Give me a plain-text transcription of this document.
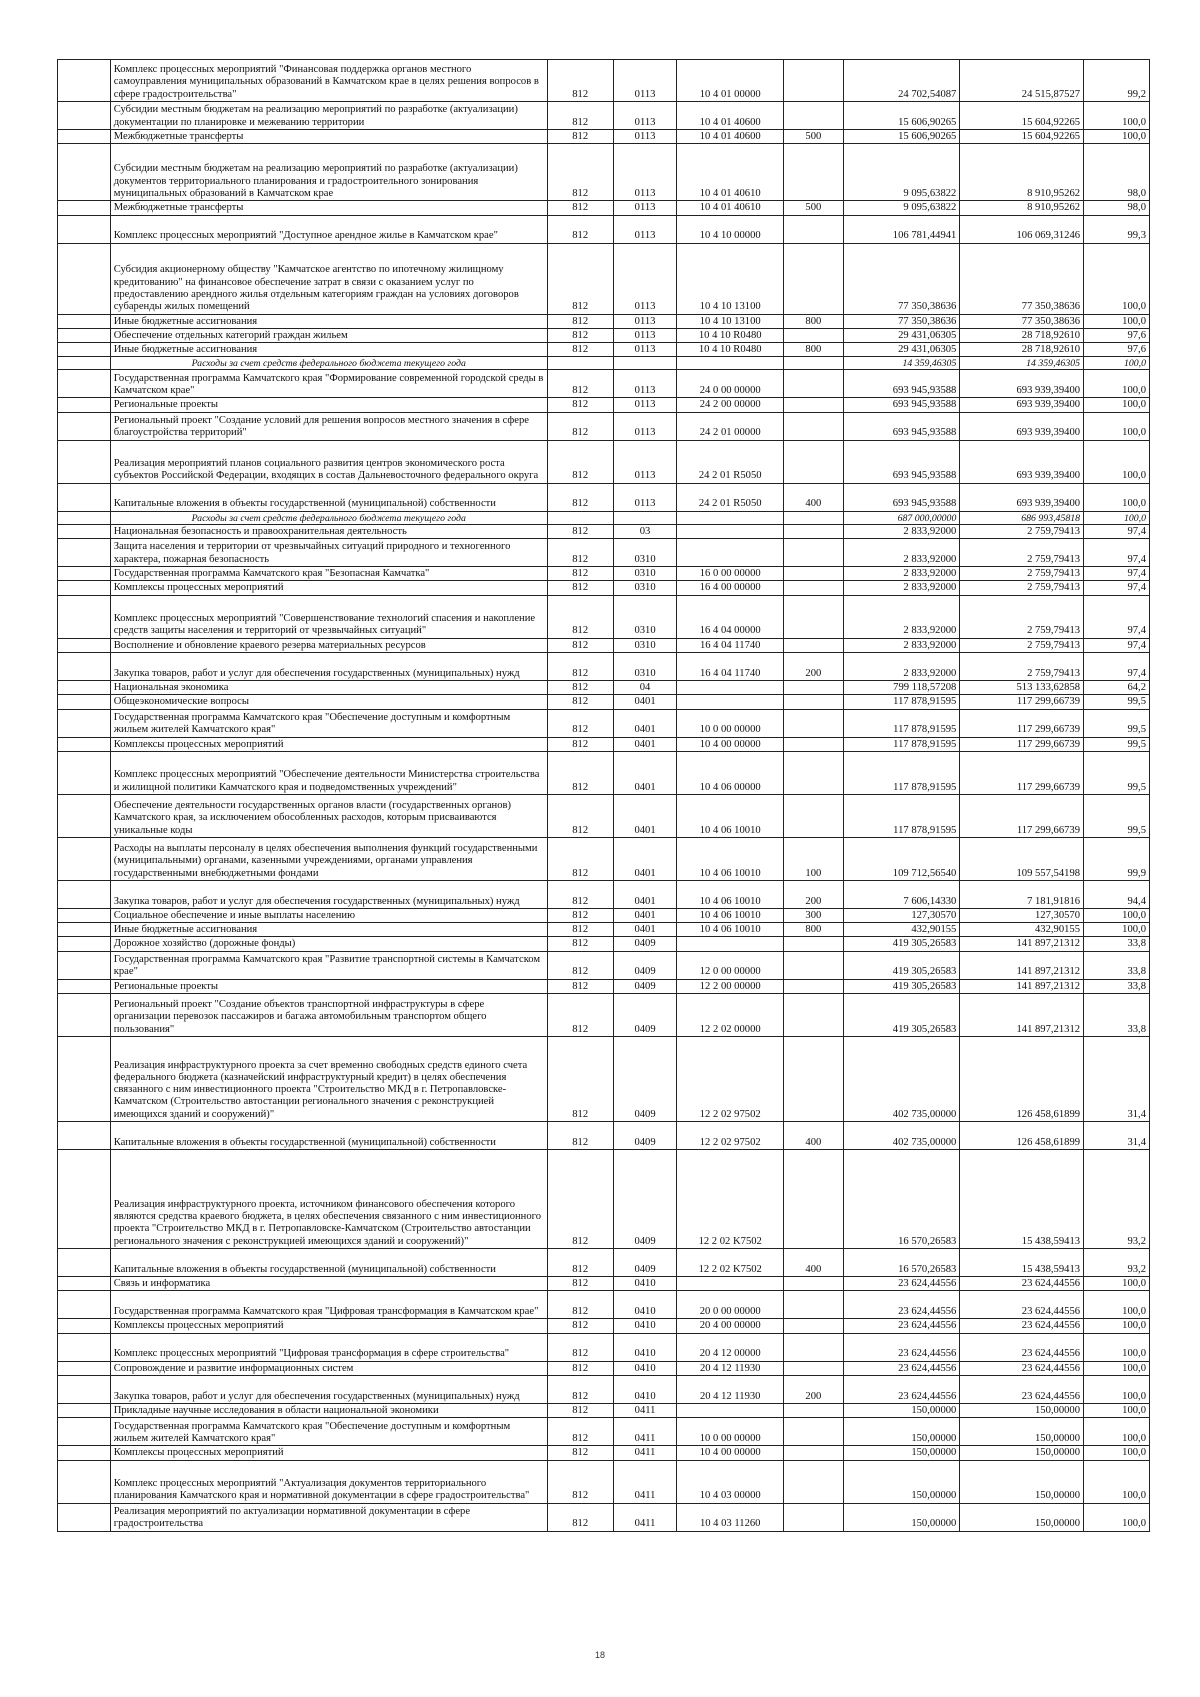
	Комплекс процессных мероприятий "Финансовая поддержка органов местного самоуправления муниципальных образований в Камчатском крае в целях решения вопросов в сфере градостроительства"	812	0113	10 4 01 00000		24 702,54087	24 515,87527	99,2
	Субсидии местным бюджетам на реализацию мероприятий по разработке (актуализации) документации по планировке и межеванию территории	812	0113	10 4 01 40600		15 606,90265	15 604,92265	100,0
	Межбюджетные трансферты	812	0113	10 4 01 40600	500	15 606,90265	15 604,92265	100,0
	Субсидии местным бюджетам на реализацию мероприятий по разработке (актуализации) документов территориального планирования и градостроительного зонирования муниципальных образований в Камчатском крае	812	0113	10 4 01 40610		9 095,63822	8 910,95262	98,0
	Межбюджетные трансферты	812	0113	10 4 01 40610	500	9 095,63822	8 910,95262	98,0
	Комплекс процессных мероприятий "Доступное арендное жилье в Камчатском крае"	812	0113	10 4 10 00000		106 781,44941	106 069,31246	99,3
	Субсидия акционерному обществу "Камчатское агентство по ипотечному жилищному кредитованию" на финансовое обеспечение затрат в связи с оказанием услуг по предоставлению арендного жилья отдельным категориям граждан на условиях договоров субаренды жилых помещений	812	0113	10 4 10 13100		77 350,38636	77 350,38636	100,0
	Иные бюджетные ассигнования	812	0113	10 4 10 13100	800	77 350,38636	77 350,38636	100,0
	Обеспечение отдельных категорий граждан жильем	812	0113	10 4 10 R0480		29 431,06305	28 718,92610	97,6
	Иные бюджетные ассигнования	812	0113	10 4 10 R0480	800	29 431,06305	28 718,92610	97,6
	Расходы за счет средств федерального бюджета текущего года					14 359,46305	14 359,46305	100,0
	Государственная программа Камчатского края "Формирование современной городской среды в Камчатском крае"	812	0113	24 0 00 00000		693 945,93588	693 939,39400	100,0
	Региональные проекты	812	0113	24 2 00 00000		693 945,93588	693 939,39400	100,0
	Региональный проект "Создание условий для решения вопросов местного значения в сфере благоустройства территорий"	812	0113	24 2 01 00000		693 945,93588	693 939,39400	100,0
	Реализация мероприятий планов социального развития центров экономического роста субъектов Российской Федерации, входящих в состав Дальневосточного федерального округа	812	0113	24 2 01 R5050		693 945,93588	693 939,39400	100,0
	Капитальные вложения в объекты государственной (муниципальной) собственности	812	0113	24 2 01 R5050	400	693 945,93588	693 939,39400	100,0
	Расходы за счет средств федерального бюджета текущего года					687 000,00000	686 993,45818	100,0
	Национальная безопасность и правоохранительная деятельность	812	03			2 833,92000	2 759,79413	97,4
	Защита населения и территории от чрезвычайных ситуаций природного и техногенного характера, пожарная безопасность	812	0310			2 833,92000	2 759,79413	97,4
	Государственная программа Камчатского края "Безопасная Камчатка"	812	0310	16 0 00 00000		2 833,92000	2 759,79413	97,4
	Комплексы процессных мероприятий	812	0310	16 4 00 00000		2 833,92000	2 759,79413	97,4
	Комплекс процессных мероприятий "Совершенствование технологий спасения и накопление средств защиты населения и территорий от чрезвычайных ситуаций"	812	0310	16 4 04 00000		2 833,92000	2 759,79413	97,4
	Восполнение и обновление краевого резерва материальных ресурсов	812	0310	16 4 04 11740		2 833,92000	2 759,79413	97,4
	Закупка товаров, работ и услуг для обеспечения государственных (муниципальных) нужд	812	0310	16 4 04 11740	200	2 833,92000	2 759,79413	97,4
	Национальная экономика	812	04			799 118,57208	513 133,62858	64,2
	Общеэкономические вопросы	812	0401			117 878,91595	117 299,66739	99,5
	Государственная программа Камчатского края "Обеспечение доступным и комфортным жильем жителей Камчатского края"	812	0401	10 0 00 00000		117 878,91595	117 299,66739	99,5
	Комплексы процессных мероприятий	812	0401	10 4 00 00000		117 878,91595	117 299,66739	99,5
	Комплекс процессных мероприятий "Обеспечение деятельности Министерства строительства и жилищной политики Камчатского края и подведомственных учреждений"	812	0401	10 4 06 00000		117 878,91595	117 299,66739	99,5
	Обеспечение деятельности государственных органов власти (государственных органов) Камчатского края, за исключением обособленных расходов, которым присваиваются уникальные коды	812	0401	10 4 06 10010		117 878,91595	117 299,66739	99,5
	Расходы на выплаты персоналу в целях обеспечения выполнения функций государственными (муниципальными) органами, казенными учреждениями, органами управления государственными внебюджетными фондами	812	0401	10 4 06 10010	100	109 712,56540	109 557,54198	99,9
	Закупка товаров, работ и услуг для обеспечения государственных (муниципальных) нужд	812	0401	10 4 06 10010	200	7 606,14330	7 181,91816	94,4
	Социальное обеспечение и иные выплаты населению	812	0401	10 4 06 10010	300	127,30570	127,30570	100,0
	Иные бюджетные ассигнования	812	0401	10 4 06 10010	800	432,90155	432,90155	100,0
	Дорожное хозяйство (дорожные фонды)	812	0409			419 305,26583	141 897,21312	33,8
	Государственная программа Камчатского края "Развитие транспортной системы в Камчатском крае"	812	0409	12 0 00 00000		419 305,26583	141 897,21312	33,8
	Региональные проекты	812	0409	12 2 00 00000		419 305,26583	141 897,21312	33,8
	Региональный проект "Создание объектов транспортной инфраструктуры в сфере организации перевозок пассажиров и багажа автомобильным транспортом общего пользования"	812	0409	12 2 02 00000		419 305,26583	141 897,21312	33,8
	Реализация инфраструктурного проекта за счет временно свободных средств единого счета федерального бюджета (казначейский инфраструктурный кредит) в целях обеспечения связанного с ним инвестиционного проекта "Строительство МКД в г. Петропавловске-Камчатском (Строительство автостанции регионального значения с реконструкцией имеющихся зданий и сооружений)"	812	0409	12 2 02 97502		402 735,00000	126 458,61899	31,4
	Капитальные вложения в объекты государственной (муниципальной) собственности	812	0409	12 2 02 97502	400	402 735,00000	126 458,61899	31,4
	Реализация инфраструктурного проекта, источником финансового обеспечения которого являются средства краевого бюджета, в целях обеспечения связанного с ним инвестиционного проекта "Строительство МКД в г. Петропавловске-Камчатском (Строительство автостанции регионального значения с реконструкцией имеющихся зданий и сооружений)"	812	0409	12 2 02 K7502		16 570,26583	15 438,59413	93,2
	Капитальные вложения в объекты государственной (муниципальной) собственности	812	0409	12 2 02 K7502	400	16 570,26583	15 438,59413	93,2
	Связь и информатика	812	0410			23 624,44556	23 624,44556	100,0
	Государственная программа Камчатского края "Цифровая трансформация в Камчатском крае"	812	0410	20 0 00 00000		23 624,44556	23 624,44556	100,0
	Комплексы процессных мероприятий	812	0410	20 4 00 00000		23 624,44556	23 624,44556	100,0
	Комплекс процессных мероприятий "Цифровая трансформация в сфере строительства"	812	0410	20 4 12 00000		23 624,44556	23 624,44556	100,0
	Сопровождение и развитие информационных систем	812	0410	20 4 12 11930		23 624,44556	23 624,44556	100,0
	Закупка товаров, работ и услуг для обеспечения государственных (муниципальных) нужд	812	0410	20 4 12 11930	200	23 624,44556	23 624,44556	100,0
	Прикладные научные исследования в области национальной экономики	812	0411			150,00000	150,00000	100,0
	Государственная программа Камчатского края "Обеспечение доступным и комфортным жильем жителей Камчатского края"	812	0411	10 0 00 00000		150,00000	150,00000	100,0
	Комплексы процессных мероприятий	812	0411	10 4 00 00000		150,00000	150,00000	100,0
	Комплекс процессных мероприятий "Актуализация документов территориального планирования Камчатского края и нормативной документации в сфере градостроительства"	812	0411	10 4 03 00000		150,00000	150,00000	100,0
	Реализация мероприятий по актуализации нормативной документации в сфере градостроительства	812	0411	10 4 03 11260		150,00000	150,00000	100,0
18
